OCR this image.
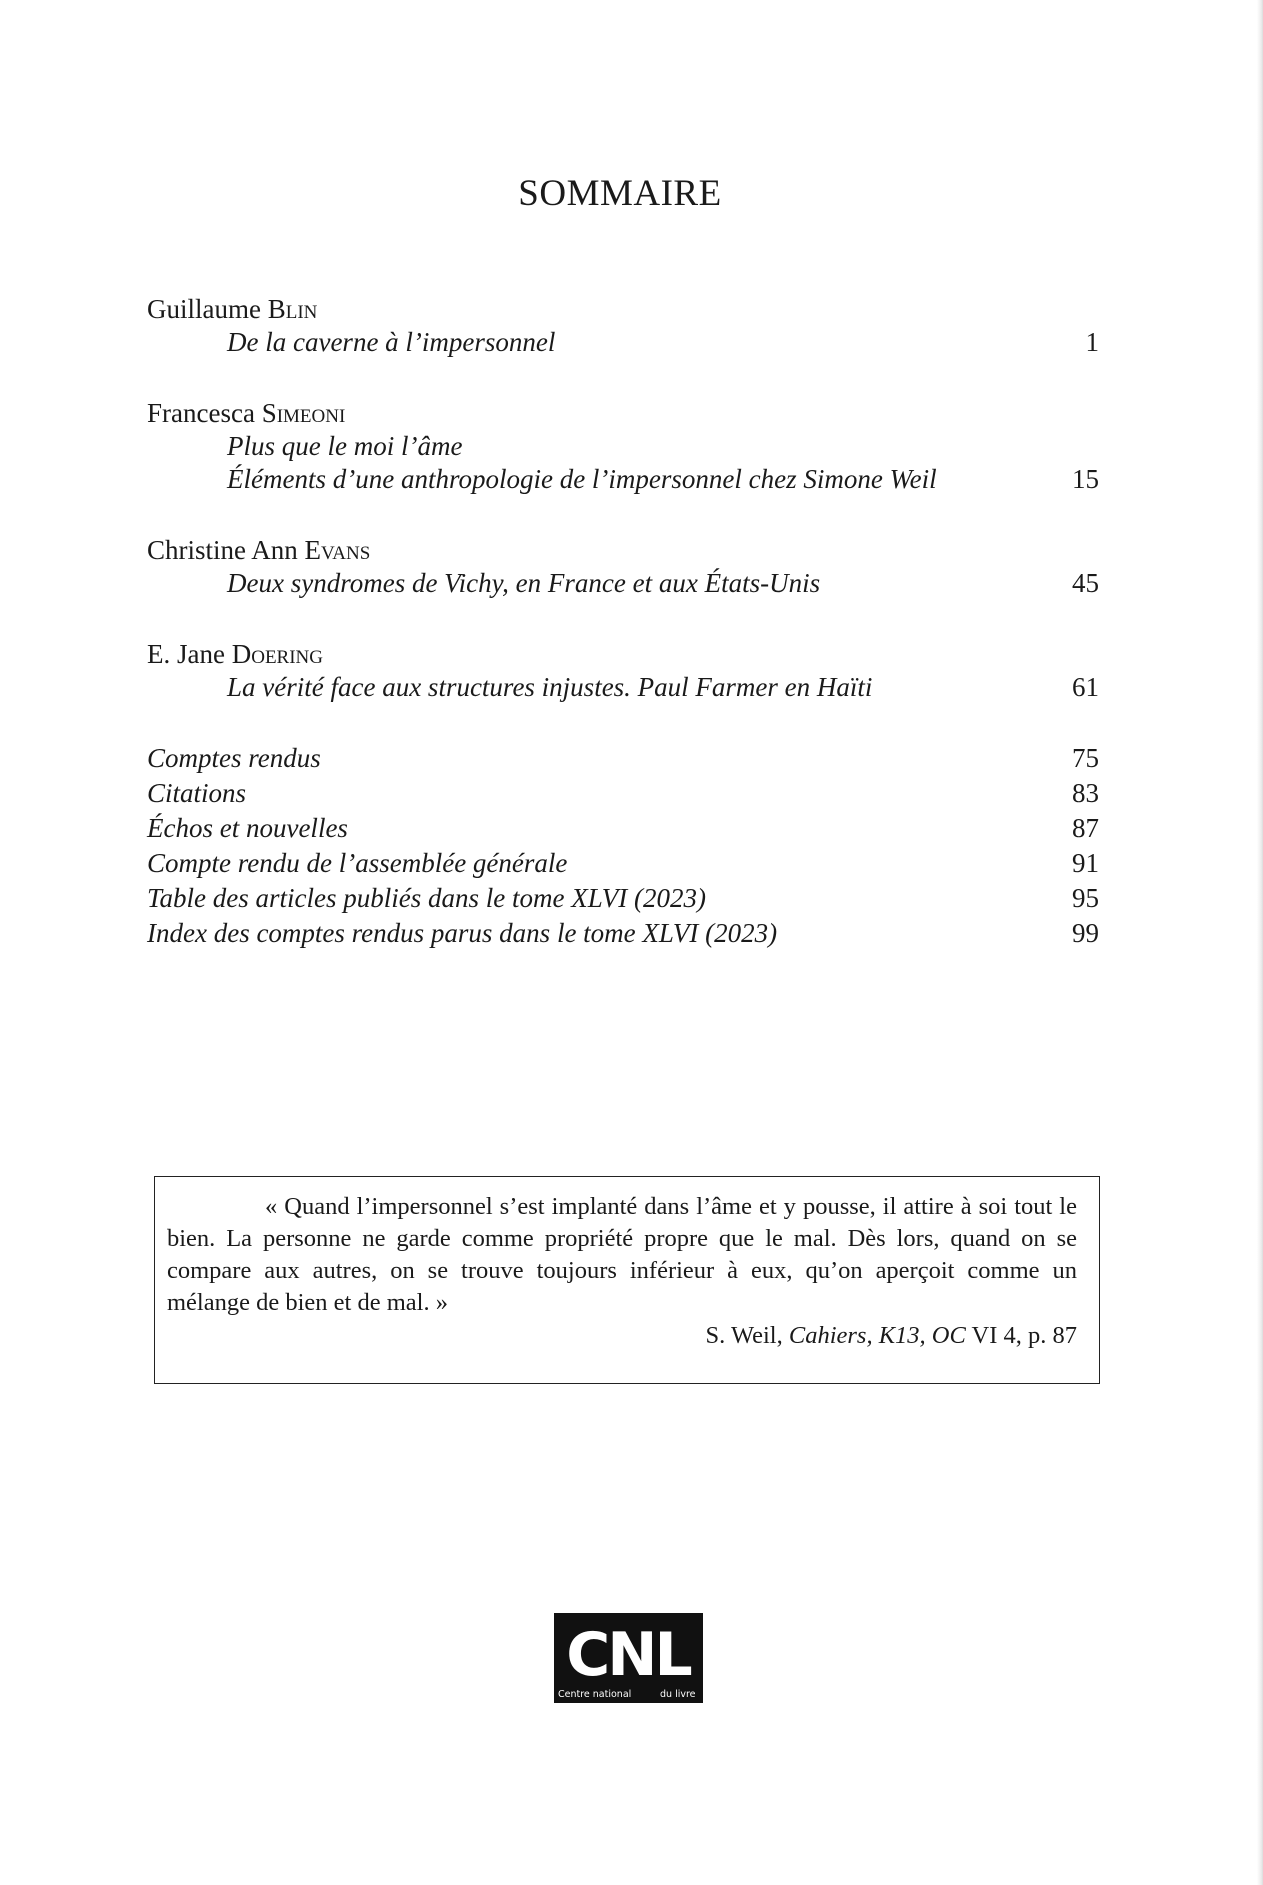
SOMMAIRE
Guillaume Blin
De la caverne à l’impersonnel	1
Francesca Simeoni
Plus que le moi l’âme
Éléments d’une anthropologie de l’impersonnel chez Simone Weil	15
Christine Ann Evans
Deux syndromes de Vichy, en France et aux États-Unis	45
E. Jane Doering
La vérité face aux structures injustes. Paul Farmer en Haïti	61
Comptes rendus	75
Citations	83
Échos et nouvelles	87
Compte rendu de l’assemblée générale	91
Table des articles publiés dans le tome XLVI (2023)	95
Index des comptes rendus parus dans le tome XLVI (2023)	99

« Quand l’impersonnel s’est implanté dans l’âme et y pousse, il attire à soi tout le bien. La personne ne garde comme propriété propre que le mal. Dès lors, quand on se compare aux autres, on se trouve toujours inférieur à eux, qu’on aperçoit comme un mélange de bien et de mal. »

S. Weil, Cahiers, K13, OC VI 4, p. 87

CNL
Centre national	du livre
